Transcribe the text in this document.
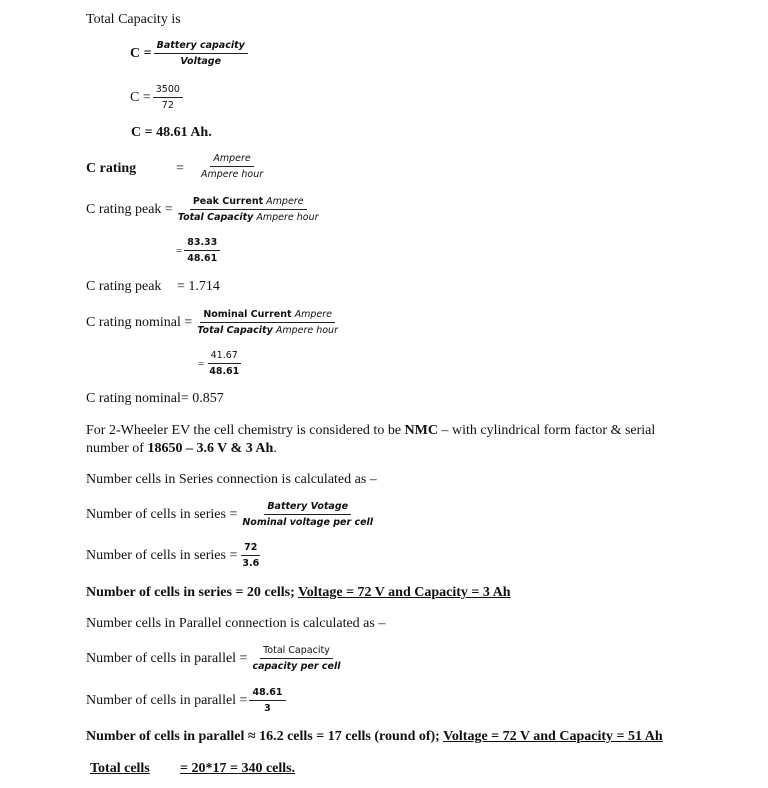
Total Capacity is
$C = \frac{\text{Battery capacity}}{\text{Voltage}}$
$C = \frac{3500}{72}$
C = 48.61 Ah.
C rating	= $\frac{\text{Ampere}}{\text{Ampere hour}}$
C rating peak = $\frac{\text{Peak Current Ampere}}{\text{Total Capacity Ampere hour}}$
= $\frac{83.33}{48.61}$
C rating peak = 1.714
C rating nominal = $\frac{\text{Nominal Current Ampere}}{\text{Total Capacity Ampere hour}}$
= $\frac{41.67}{48.61}$
C rating nominal= 0.857
For 2-Wheeler EV the cell chemistry is considered to be NMC – with cylindrical form factor & serial number of 18650 – 3.6 V & 3 Ah.
Number cells in Series connection is calculated as –
Number of cells in series = $\frac{\text{Battery Votage}}{\text{Nominal voltage per cell}}$
Number of cells in series = $\frac{72}{3.6}$
Number of cells in series = 20 cells; Voltage = 72 V and Capacity = 3 Ah
Number cells in Parallel connection is calculated as –
Number of cells in parallel = $\frac{\text{Total Capacity}}{\text{capacity per cell}}$
Number of cells in parallel = $\frac{48.61}{3}$
Number of cells in parallel ≈ 16.2 cells = 17 cells (round of); Voltage = 72 V and Capacity = 51 Ah
Total cells = 20*17 = 340 cells.
